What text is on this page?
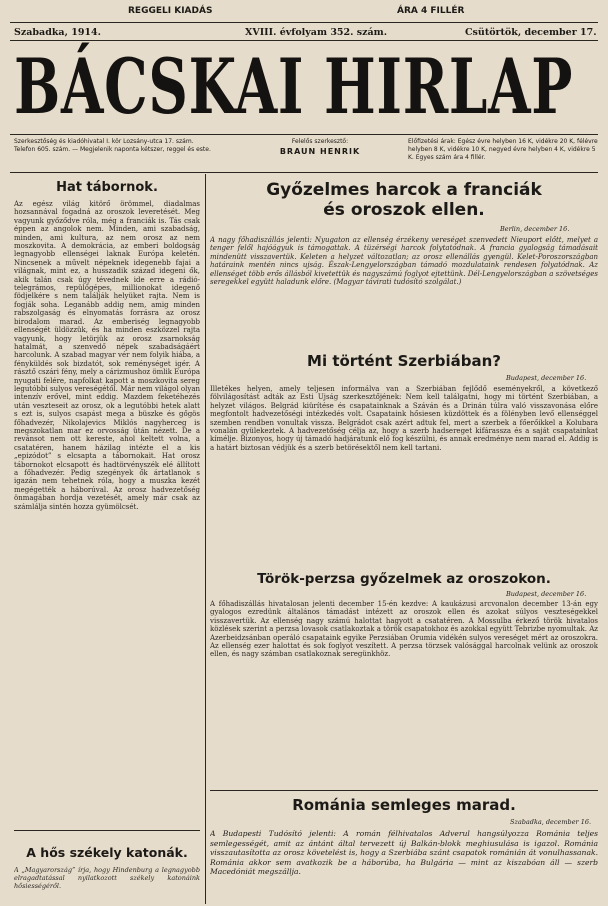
REGGELI KIADÁS	ÁRA 4 FILLÉR
Szabadka, 1914.	XVIII. évfolyam 352. szám.	Csütörtök, december 17.
BÁCSKAI HIRLAP
Szerkesztőség és kiadóhivatal I. kör Lozsány-utca 17. szám. Telefon 605. szám. — Megjelenik naponta kétszer, reggel és este.
Felelős szerkesztő:
BRAUN HENRIK
Előfizetési árak: Egész évre helyben 16 K, vidékre 20 K, félévre helyben 8 K, vidékre 10 K, negyed évre helyben 4 K, vidékre 5 K. Egyes szám ára 4 fillér.
Hat tábornok.
Az egész világ kitörő örömmel, diadalmas hozsannával fogadná az oroszok leveretését. Meg vagyunk győződve róla, még a franciák is. Tás csak éppen az angolok nem. Minden, ami szabadság, minden, ami kultura, az nem orosz az nem moszkovita. A demokrácia, az emberi boldogság legnagyobb ellenségei laknak Európa keletén. Nincsenek a művelt népeknek idegenebb fajai a világnak, mint ez, a husszadik század idegeni ők, akik talán csak úgy tévednek ide erre a rádió-telegrámos, repülőgépes, millionokat idegenő födjelkére s nem találják helyüket rajta. Nem is fogják soha. Leganább addig nem, amig minden rabszolgaság és elnyomatás forrásra az orosz birodalom marad. Az emberiség legnagyobb ellenségét üldözzük, és ha minden eszközzel rajta vagyunk, hogy letörjük az orosz zsarnokság hatalmát, a szenvedő népek szabadságáért harcolunk. A szabad magyar vér nem folyik hiába, a fényküldés sok bizdatót, sok reménységet igér. A rásztő cszári fény, mely a cárizmushoz ömlik Európa nyugati felére, napfolkat kapott a moszkovita sereg legutóbbi sulyos vereségétől. Már nem világol olyan intenzív erővel, mint eddig. Mazdem feketéhezés után veszteseit az orosz, ok a legutóbbi hetek alatt s ezt is, sulyos csapást mega a büszke és gőgös főhadvezér, Nikolajevics Miklós nagyherceg is megszokatlan mar ez orvosság ütán nézett. De a revánsot nem ott kereste, ahol keltett volna, a csatatéren, hanem házilag intézte el a kis „epizódot” s elcsapta a tábornokait. Hat orosz tábornokot elcsapott és hadtörvényszék elé állított a főhadvezér. Pedig szegények ők ártatlanok s igazán nem tehetnek róla, hogy a muszka kezét megégették a háborúval. Az orosz hadvezetőség önmagában hordja vezetését, amely már csak az számlálja sintén hozza gyümölcsét.
A hős székely katonák.
A „Magyarország” írja, hogy Hindenburg a legnagyobb elragadtatással nyilatkozott székely katonáink hősiességéről.
Győzelmes harcok a franciák
és oroszok ellen.
Berlin, december 16.
A nagy főhadiszállás jelenti: Nyugaton az ellenség érzékeny vereséget szenvedett Nieuport előtt, melyet a tenger felől hajóágyuk is támogattak. A tüzérségi harcok folytatódnak. A francia gyalogság támadásait mindenütt visszavertük. Keleten a helyzet változatlan; az orosz ellenállás gyengül. Kelet-Poroszországban határaink mentén nincs ujság. Észak-Lengyelországban támadó mozdulataink rendesen folyatódnak. Az ellenséget több erős állásból kivetettük és nagyszámú foglyot ejtettünk. Dél-Lengyelországban a szövetséges seregekkel együtt haladunk előre. (Magyar távirati tudósító szolgálat.)
Mi történt Szerbiában?
Budapest, december 16.
Illetékes helyen, amely teljesen informálva van a Szerbiában fejlődő eseményekről, a következő fölvilágosítást adták az Esti Ujság szerkesztőjének: Nem kell találgatni, hogy mi történt Szerbiában, a helyzet világos. Belgrád kiürítése és csapatainknak a Száván és a Drinán túlra való visszavonása előre megfontolt hadvezetőségi intézkedés volt. Csapataink hősiesen küzdöttek és a fölényben levő ellenséggel szemben rendben vonultak vissza. Belgrádot csak azért adtuk fel, mert a szerbek a főerőikkel a Kolubara vonalán gyülekeztek. A hadvezetőség célja az, hogy a szerb hadsereget kifárassza és a saját csapatainkat kímélje. Bizonyos, hogy új támadó hadjáratunk elő fog készülni, és annak eredménye nem marad el. Addig is a határt biztosan védjük és a szerb betörésektől nem kell tartani.
Török-perzsa győzelmek az oroszokon.
Budapest, december 16.
A főhadiszállás hivatalosan jelenti december 15-én kezdve: A kaukázusi arcvonalon december 13-án egy gyalogos ezredünk általános támadást intézett az oroszok ellen és azokat súlyos veszteségekkel visszavertük. Az ellenség nagy számú halottat hagyott a csatatéren. A Mossulba érkező török hivatalos közlések szerint a perzsa lovasok csatlakoztak a török csapatokhoz és azokkal együtt Tebrizbe nyomultak. Az Azerbeidzsánban operáló csapataink egyike Perzsiában Orumia vidékén sulyos vereséget mért az oroszokra. Az ellenség ezer halottat és sok foglyot veszített. A perzsa törzsek valósággal harcolnak velünk az oroszok ellen, és nagy számban csatlakoznak seregünkhöz.
Románia semleges marad.
Szabadka, december 16.
A Budapesti Tudósító jelenti: A román félhivatalos Adverul hangsúlyozza Románia teljes semlegességét, amit az ántánt által tervezett új Balkán-blokk meghiusulása is igazol. Románia visszautasította az orosz követelést is, hogy a Szerbiába szánt csapatok románián át vonulhassanak. Románia akkor sem avatkozik be a háborúba, ha Bulgária — mint az kiszabóan áll — szerb Macedóniát megszállja.
